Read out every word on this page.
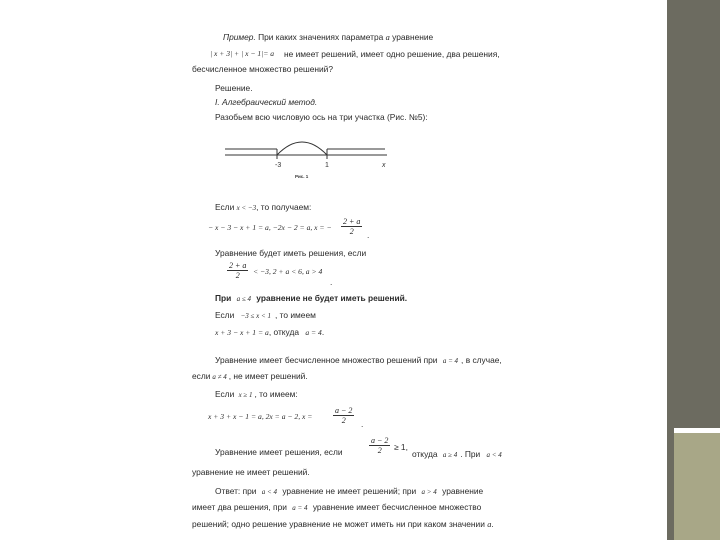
Пример. При каких значениях параметра a уравнение
| x + 3| + | x − 1|= a не имеет решений, имеет одно решение, два решения,
бесчисленное множество решений?
Решение.
I. Алгебраический метод.
Разобьем всю числовую ось на три участка (Рис. №5):
-3	1	x
Рис. 1
Если x < −3, то получаем:
− x − 3 − x + 1 = a, −2x − 2 = a, x = − $\frac{2 + a}{2}$ .
Уравнение будет иметь решения, если
$\frac{2 + a}{2} < -3$, 2 + a < 6, a > 4
.
При a ≤ 4 уравнение не будет иметь решений.
Если −3 ≤ x < 1 , то имеем
x + 3 − x + 1 = a, откуда a = 4.
Уравнение имеет бесчисленное множество решений при a = 4 , в случае,
если a ≠ 4 , не имеет решений.
Если x ≥ 1 , то имеем:
x + 3 + x − 1 = a, 2x = a − 2, x =	$\frac{a - 2}{2}$ .
Уравнение имеет решения, если	$\frac{a - 2}{2} \ge 1$,
откуда a ≥ 4 . При a < 4
уравнение не имеет решений.
Ответ: при a < 4 уравнение не имеет решений; при a > 4 уравнение
имеет два решения, при a = 4 уравнение имеет бесчисленное множество
решений; одно решение уравнение не может иметь ни при каком значении a.
